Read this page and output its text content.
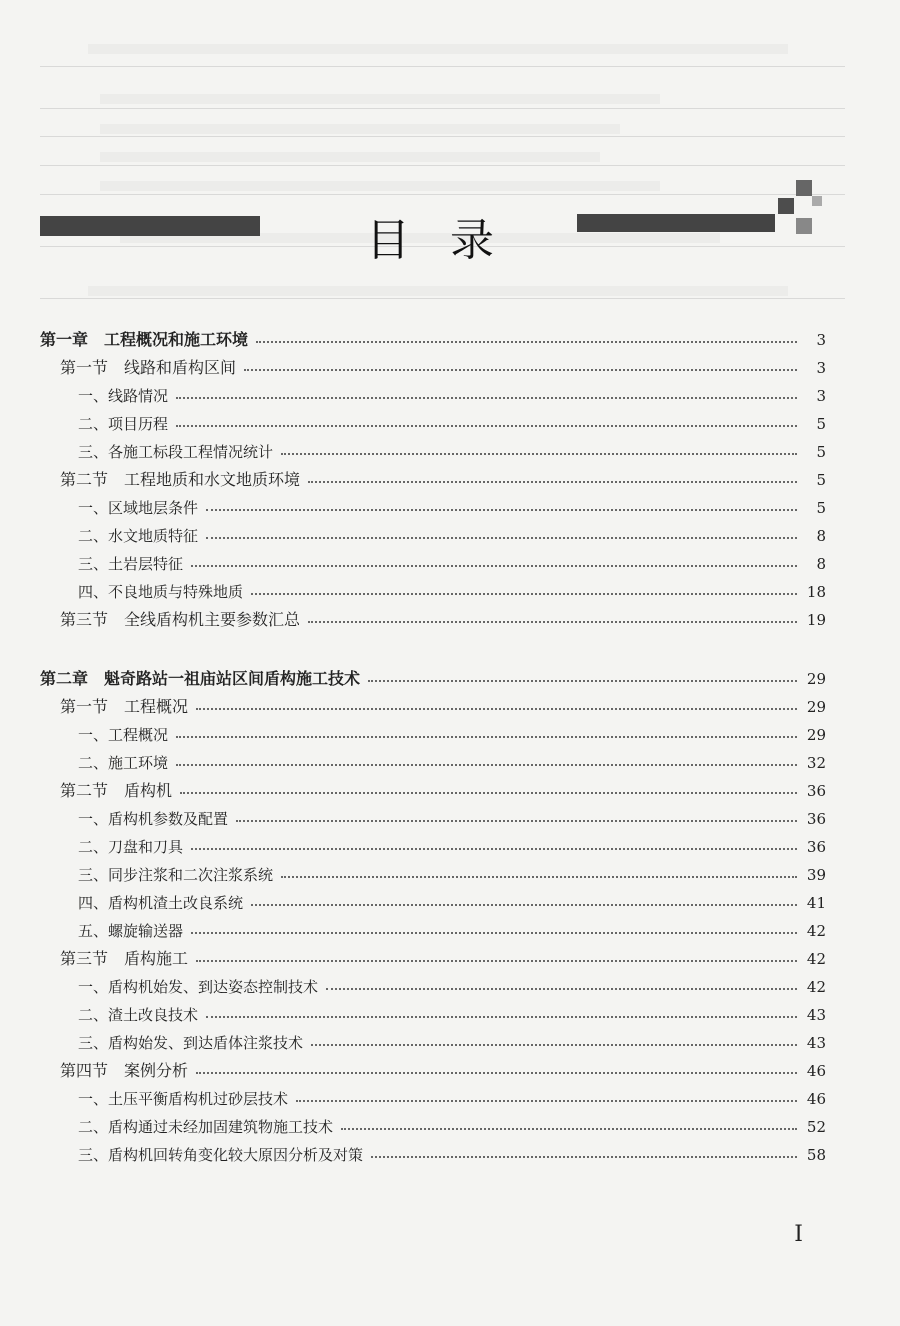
目录
第一章　工程概况和施工环境	3
第一节　线路和盾构区间	3
一、线路情况	3
二、项目历程	5
三、各施工标段工程情况统计	5
第二节　工程地质和水文地质环境	5
一、区域地层条件	5
二、水文地质特征	8
三、土岩层特征	8
四、不良地质与特殊地质	18
第三节　全线盾构机主要参数汇总	19
第二章　魁奇路站一祖庙站区间盾构施工技术	29
第一节　工程概况	29
一、工程概况	29
二、施工环境	32
第二节　盾构机	36
一、盾构机参数及配置	36
二、刀盘和刀具	36
三、同步注浆和二次注浆系统	39
四、盾构机渣土改良系统	41
五、螺旋输送器	42
第三节　盾构施工	42
一、盾构机始发、到达姿态控制技术	42
二、渣土改良技术	43
三、盾构始发、到达盾体注浆技术	43
第四节　案例分析	46
一、土压平衡盾构机过砂层技术	46
二、盾构通过未经加固建筑物施工技术	52
三、盾构机回转角变化较大原因分析及对策	58
I
